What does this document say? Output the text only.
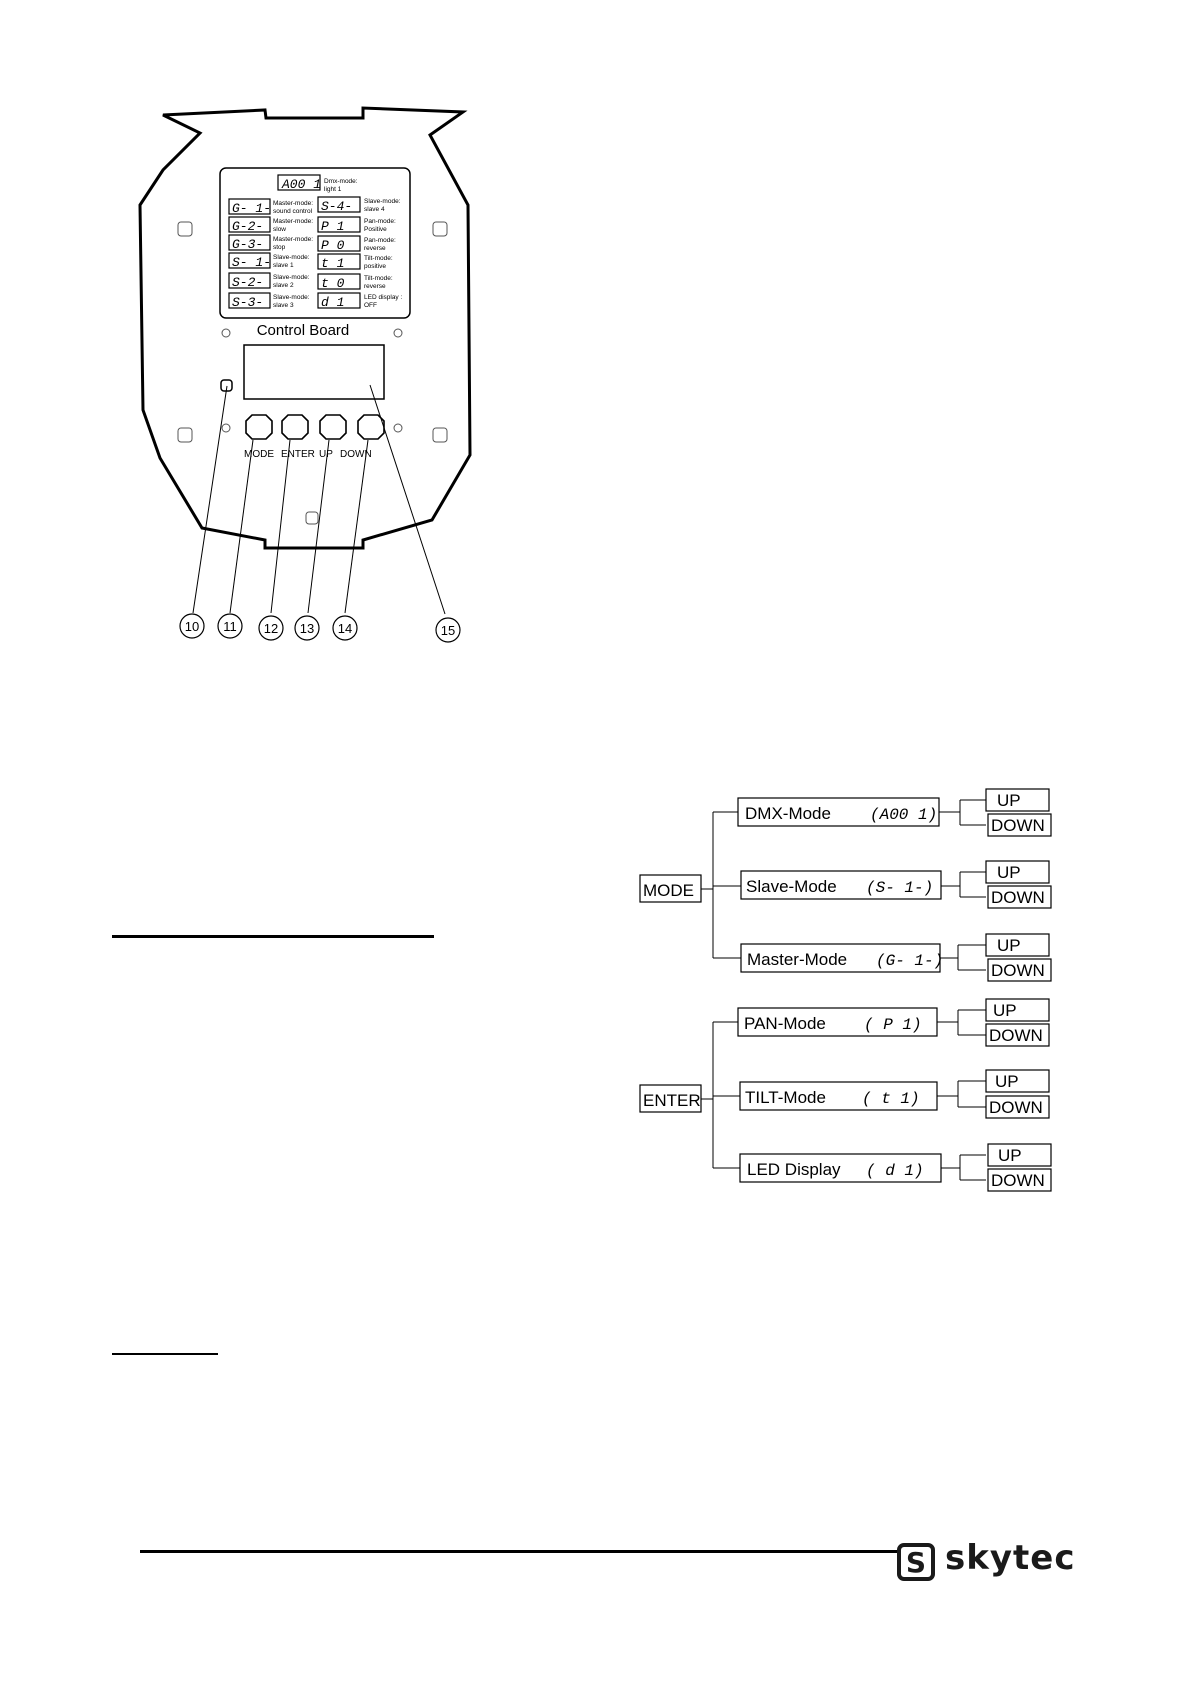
A00 1 Dmx-mode:
light 1
G- 1- Master-mode:
sound control
G-2- Master-mode:
slow
G-3- Master-mode:
stop
S- 1- Slave-mode:
slave 1
S-2- Slave-mode:
slave 2
S-3- Slave-mode:
slave 3
S-4- Slave-mode:
slave 4
P 1	Pan-mode:
Positive
P 0	Pan-mode:
reverse
t 1	Tilt-mode:
positive
t 0	Tilt-mode:
reverse
d 1	LED display :
OFF
Control Board
MODE ENTER UP DOWN
10 11 12 13 14	15
MODE
ENTER
DMX-Mode (A00 1)
Slave-Mode (S- 1-)
Master-Mode (G- 1-)
PAN-Mode ( P 1)
TILT-Mode ( t 1)
LED Display ( d 1)
UP
DOWN
UP
DOWN
UP
DOWN
UP
DOWN
UP
DOWN
UP
DOWN
S skytec
